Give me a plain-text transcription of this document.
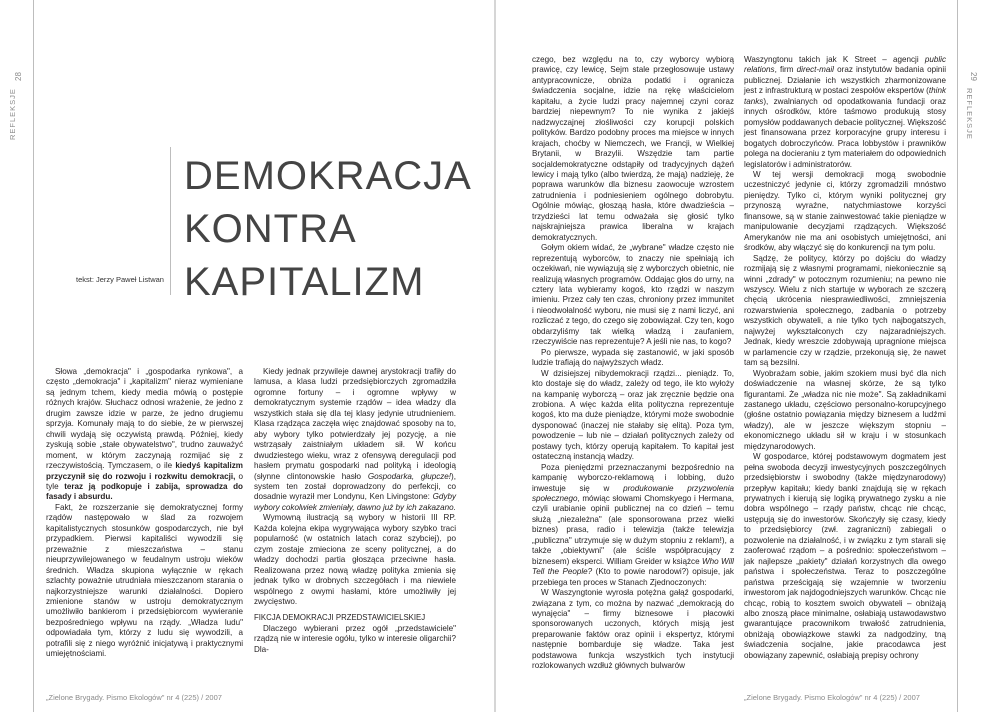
28
REFLEKSJE
DEMOKRACJA
KONTRA
KAPITALIZM
tekst: Jerzy Paweł Listwan

Słowa „demokracja" i „gospodarka rynkowa", a często „demokracja" i „kapitalizm" nieraz wymieniane są jednym tchem, kiedy media mówią o postępie różnych krajów. Słuchacz odnosi wrażenie, że jedno z drugim zawsze idzie w parze, że jedno drugiemu sprzyja. Komunały mają to do siebie, że w pierwszej chwili wydają się oczywistą prawdą. Później, kiedy zyskują sobie „stałe obywatelstwo", trudno zauważyć moment, w którym zaczynają rozmijać się z rzeczywistością. Tymczasem, o ile kiedyś kapitalizm przyczynił się do rozwoju i rozkwitu demokracji, o tyle teraz ją podkopuje i zabija, sprowadza do fasady i absurdu.

Fakt, że rozszerzanie się demokratycznej formy rządów następowało w ślad za rozwojem kapitalistycznych stosunków gospodarczych, nie był przypadkiem. Pierwsi kapitaliści wywodzili się przeważnie z mieszczaństwa – stanu nieuprzywilejowanego w feudalnym ustroju wieków średnich. Władza skupiona wyłącznie w rękach szlachty poważnie utrudniała mieszczanom starania o najkorzystniejsze warunki działalności. Dopiero zmienione stanów w ustroju demokratycznym umożliwiło bankierom i przedsiębiorcom wywieranie bezpośredniego wpływu na rządy. „Władza ludu" odpowiadała tym, którzy z ludu się wywodzili, a potrafili się z niego wyróżnić inicjatywą i praktycznymi umiejętnościami.

Kiedy jednak przywileje dawnej arystokracji trafiły do lamusa, a klasa ludzi przedsiębiorczych zgromadziła ogromne fortuny – i ogromne wpływy w demokratycznym systemie rządów – idea władzy dla wszystkich stała się dla tej klasy jedynie utrudnieniem. Klasa rządząca zaczęła więc znajdować sposoby na to, aby wybory tylko potwierdzały jej pozycję, a nie wstrząsały zaistniałym układem sił. W końcu dwudziestego wieku, wraz z ofensywą deregulacji pod hasłem prymatu gospodarki nad polityką i ideologią (słynne clintonowskie hasło Gospodarka, głupcze!), system ten został doprowadzony do perfekcji, co dosadnie wyraził mer Londynu, Ken Livingstone: Gdyby wybory cokolwiek zmieniały, dawno już by ich zakazano.

Wymowną ilustracją są wybory w historii III RP. Każda kolejna ekipa wygrywająca wybory szybko traci popularność (w ostatnich latach coraz szybciej), po czym zostaje zmieciona ze sceny politycznej, a do władzy dochodzi partia głosząca przeciwne hasła. Realizowana przez nową władzę polityka zmienia się jednak tylko w drobnych szczegółach i ma niewiele wspólnego z owymi hasłami, które umożliwiły jej zwycięstwo.

FIKCJA DEMOKRACJI PRZEDSTAWICIELSKIEJ

Dlaczego wybierani przez ogół „przedstawiciele" rządzą nie w interesie ogółu, tylko w interesie oligarchii? Dla-

„Zielone Brygady. Pismo Ekologów" nr 4 (225) / 2007
29
REFLEKSJE

czego, bez względu na to, czy wyborcy wybiorą prawicę, czy lewicę, Sejm stale przegłosowuje ustawy antypracownicze, obniża podatki i ogranicza świadczenia socjalne, idzie na rękę właścicielom kapitału, a życie ludzi pracy najemnej czyni coraz bardziej niepewnym? To nie wynika z jakiejś nadzwyczajnej złośliwości czy korupcji polskich polityków. Bardzo podobny proces ma miejsce w innych krajach, choćby w Niemczech, we Francji, w Wielkiej Brytanii, w Brazylii. Wszędzie tam partie socjaldemokratyczne odstąpiły od tradycyjnych dążeń lewicy i mają tylko (albo twierdzą, że mają) nadzieję, że poprawa warunków dla biznesu zaowocuje wzrostem zatrudnienia i podniesieniem ogólnego dobrobytu. Ogólnie mówiąc, głosząą hasła, które dwadzieścia – trzydzieści lat temu odważała się głosić tylko najskrajniejsza prawica liberalna w krajach demokratycznych.

Gołym okiem widać, że „wybrane" władze często nie reprezentują wyborców, to znaczy nie spełniają ich oczekiwań, nie wywiązują się z wyborczych obietnic, nie realizują własnych programów. Oddając głos do urny, na cztery lata wybieramy kogoś, kto rządzi w naszym imieniu. Przez cały ten czas, chroniony przez immunitet i nieodwołalność wyboru, nie musi się z nami liczyć, ani rozliczać z tego, do czego się zobowiązał. Czy ten, kogo obdarzyliśmy tak wielką władzą i zaufaniem, rzeczywiście nas reprezentuje? A jeśli nie nas, to kogo?

Po pierwsze, wypada się zastanowić, w jaki sposób ludzie trafiają do najwyższych władz.

W dzisiejszej nibydemokracji rządzi... pieniądz. To, kto dostaje się do władz, zależy od tego, ile kto wyłoży na kampanię wyborczą – oraz jak zręcznie będzie ona zrobiona. A więc każda elita polityczna reprezentuje kogoś, kto ma duże pieniądze, którymi może swobodnie dysponować (inaczej nie stałaby się elitą). Poza tym, powodzenie – lub nie – działań politycznych zależy od postawy tych, którzy operują kapitałem. To kapitał jest ostateczną instancją władzy.

Poza pieniędzmi przeznaczanymi bezpośrednio na kampanię wyborczo-reklamową i lobbing, dużo inwestuje się w produkowanie przyzwolenia społecznego, mówiąc słowami Chomskyego i Hermana, czyli urabianie opinii publicznej na co dzień – temu służą „niezależna" (ale sponsorowana przez wielki biznes) prasa, radio i telewizja (także telewizja „publiczna" utrzymuje się w dużym stopniu z reklam!), a także „obiektywni" (ale ściśle współpracujący z biznesem) eksperci. William Greider w książce Who Will Tell the People? (Kto to powie narodowi?) opisuje, jak przebiega ten proces w Stanach Zjednoczonych:

W Waszyngtonie wyrosła potężna gałąź gospodarki, związana z tym, co można by nazwać „demokracją do wynajęcia" – firmy biznesowe i płacowki sponsorowanych uczonych, których misją jest preparowanie faktów oraz opinii i ekspertyz, którymi następnie bombarduje się władze. Taka jest podstawowa funkcja wszystkich tych instytucji rozlokowanych wzdłuż głównych bulwarów

Waszyngtonu takich jak K Street – agencji public relations, firm direct-mail oraz instytutów badania opinii publicznej. Działanie ich wszystkich zharmonizowane jest z infrastrukturą w postaci zespołów ekspertów (think tanks), zwalnianych od opodatkowania fundacji oraz innych ośrodków, które taśmowo produkują stosy pomysłów poddawanych debacie politycznej. Większość jest finansowana przez korporacyjne grupy interesu i bogatych dobroczyńców. Praca lobbystów i prawników polega na docieraniu z tym materiałem do odpowiednich legislatorów i administratorów.

W tej wersji demokracji mogą swobodnie uczestniczyć jedynie ci, którzy zgromadzili mnóstwo pieniędzy. Tylko ci, którym wyniki politycznej gry przynoszą wyraźne, natychmiastowe korzyści finansowe, są w stanie zainwestować takie pieniądze w manipulowanie decyzjami rządzących. Większość Amerykanów nie ma ani osobistych umiejętności, ani środków, aby włączyć się do konkurencji na tym polu.

Sądzę, że politycy, którzy po dojściu do władzy rozmijają się z własnymi programami, niekoniecznie są winni „zdrady" w potocznym rozumieniu; na pewno nie wszyscy. Wielu z nich startuje w wyborach ze szczerą chęcią ukrócenia niesprawiedliwości, zmniejszenia rozwarstwienia społecznego, zadbania o potrzeby wszystkich obywateli, a nie tylko tych najbogatszych, najwyżej wykształconych czy najzaradniejszych. Jednak, kiedy wreszcie zdobywają upragnione miejsca w parlamencie czy w rządzie, przekonują się, że nawet tam są bezsilni.

Wyobraźam sobie, jakim szokiem musi być dla nich doświadczenie na własnej skórze, że są tylko figurantami. Że „władza nic nie może". Są zakładnikami zastanego układu, częściowo personalno-korupcyjnego (głośne ostatnio powiązania między biznesem a ludźmi władzy), ale w jeszcze większym stopniu – ekonomicznego układu sił w kraju i w stosunkach międzynarodowych.

W gospodarce, której podstawowym dogmatem jest pełna swoboda decyzji inwestycyjnych poszczególnych przedsiębiorstw i swobodny (także międzynarodowy) przepływ kapitału; kiedy banki znajdują się w rękach prywatnych i kierują się logiką prywatnego zysku a nie dobra wspólnego – rządy państw, chcąc nie chcąc, ustępują się do inwestorów. Skończyły się czasy, kiedy to przedsiębiorcy (zwł. zagraniczni) zabiegali o pozwolenie na działalność, i w związku z tym starali się zaoferować rządom – a pośrednio: społeczeństwom – jak najlepsze „pakiety" działań korzystnych dla owego państwa i społeczeństwa. Teraz to poszczególne państwa prześcigają się wzajemnie w tworzeniu inwestorom jak najdogodniejszych warunków. Chcąc nie chcąc, robią to kosztem swoich obywateli – obniżają albo znoszą płace minimalne, osłabiają ustawodawstwo gwarantujące pracownikom trwałość zatrudnienia, obniżają obowiązkowe stawki za nadgodziny, tną świadczenia socjalne, jakie pracodawca jest obowiązany zapewnić, osłabiają prepisy ochrony

„Zielone Brygady. Pismo Ekologów" nr 4 (225) / 2007
